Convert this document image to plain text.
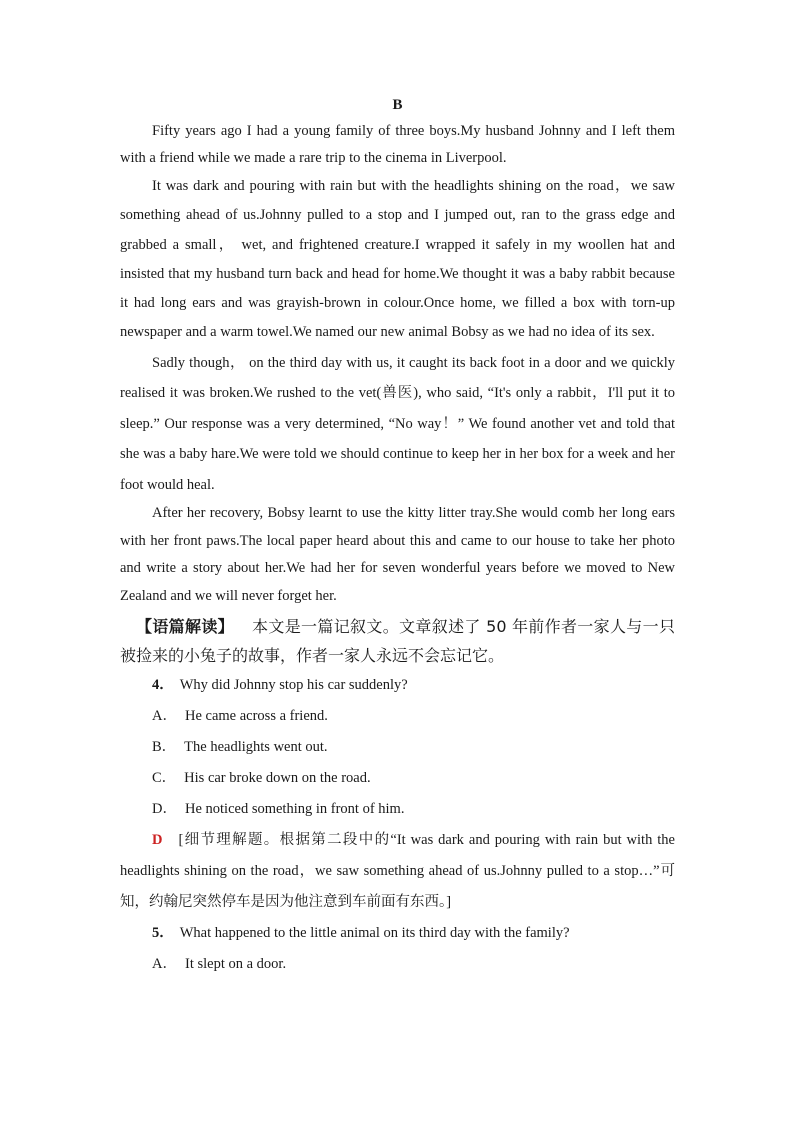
B

Fifty years ago I had a young family of three boys.My husband Johnny and I left them with a friend while we made a rare trip to the cinema in Liverpool.

It was dark and pouring with rain but with the headlights shining on the road，we saw something ahead of us.Johnny pulled to a stop and I jumped out, ran to the grass edge and grabbed a small， wet, and frightened creature.I wrapped it safely in my woollen hat and insisted that my husband turn back and head for home.We thought it was a baby rabbit because it had long ears and was grayish-brown in colour.Once home, we filled a box with torn-up newspaper and a warm towel.We named our new animal Bobsy as we had no idea of its sex.

Sadly though， on the third day with us, it caught its back foot in a door and we quickly realised it was broken.We rushed to the vet(兽医), who said, “It's only a rabbit，I'll put it to sleep.” Our response was a very determined, “No way！” We found another vet and told that she was a baby hare.We were told we should continue to keep her in her box for a week and her foot would heal.

After her recovery, Bobsy learnt to use the kitty litter tray.She would comb her long ears with her front paws.The local paper heard about this and came to our house to take her photo and write a story about her.We had her for seven wonderful years before we moved to New Zealand and we will never forget her.

【语篇解读】 本文是一篇记叙文。文章叙述了 50 年前作者一家人与一只被捡来的小兔子的故事，作者一家人永远不会忘记它。

4． Why did Johnny stop his car suddenly?

A． He came across a friend.

B． The headlights went out.

C． His car broke down on the road.

D． He noticed something in front of him.

D [细节理解题。根据第二段中的“It was dark and pouring with rain but with the headlights shining on the road，we saw something ahead of us.Johnny pulled to a stop…”可知，约翰尼突然停车是因为他注意到车前面有东西。]

5． What happened to the little animal on its third day with the family?

A． It slept on a door.
